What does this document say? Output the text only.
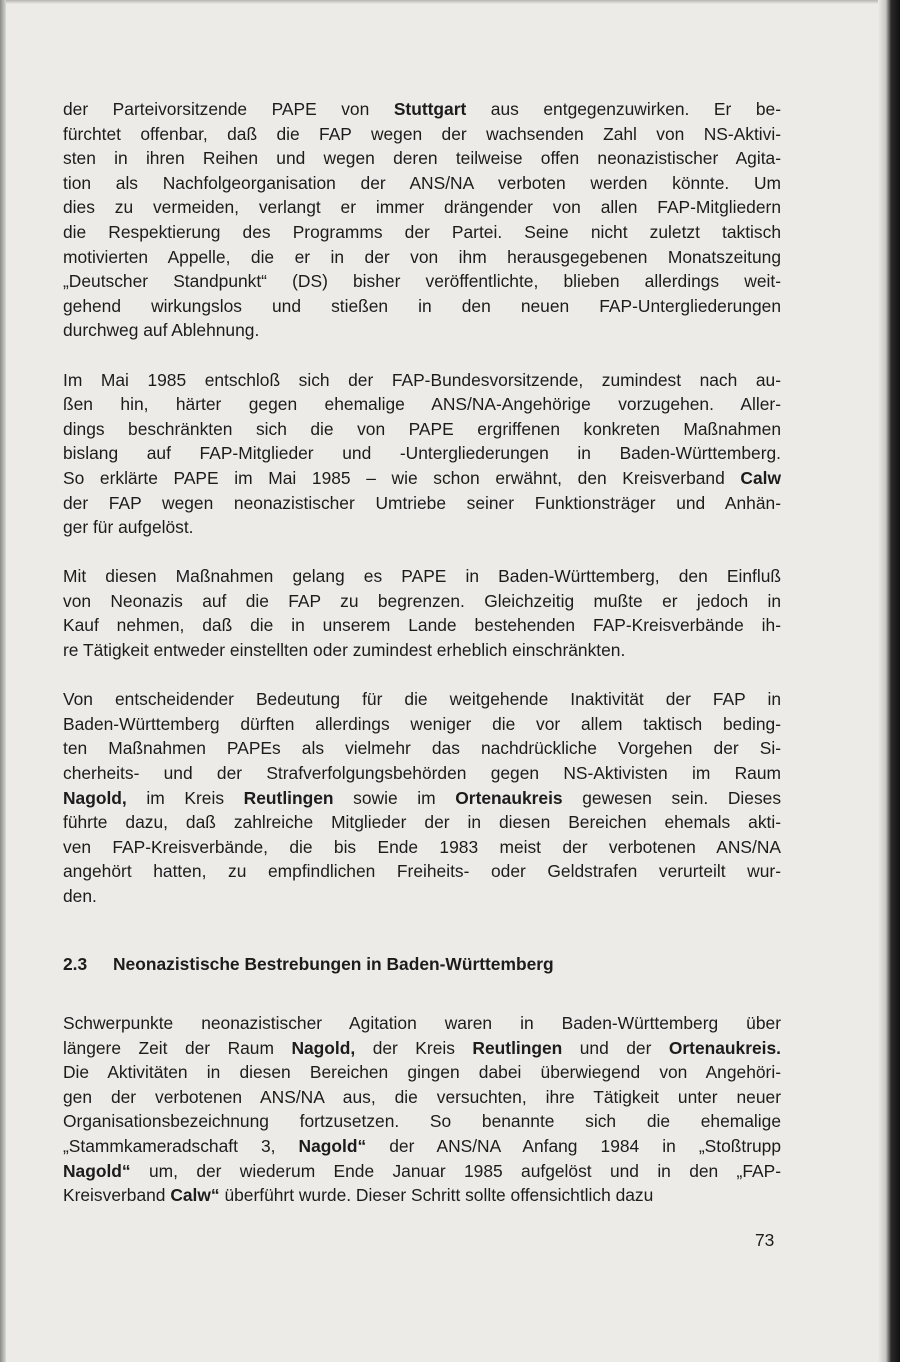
der Parteivorsitzende PAPE von Stuttgart aus entgegenzuwirken. Er be-
fürchtet offenbar, daß die FAP wegen der wachsenden Zahl von NS-Aktivi-
sten in ihren Reihen und wegen deren teilweise offen neonazistischer Agita-
tion als Nachfolgeorganisation der ANS/NA verboten werden könnte. Um
dies zu vermeiden, verlangt er immer drängender von allen FAP-Mitgliedern
die Respektierung des Programms der Partei. Seine nicht zuletzt taktisch
motivierten Appelle, die er in der von ihm herausgegebenen Monatszeitung
„Deutscher Standpunkt“ (DS) bisher veröffentlichte, blieben allerdings weit-
gehend wirkungslos und stießen in den neuen FAP-Untergliederungen
durchweg auf Ablehnung.

Im Mai 1985 entschloß sich der FAP-Bundesvorsitzende, zumindest nach au-
ßen hin, härter gegen ehemalige ANS/NA-Angehörige vorzugehen. Aller-
dings beschränkten sich die von PAPE ergriffenen konkreten Maßnahmen
bislang auf FAP-Mitglieder und -Untergliederungen in Baden-Württemberg.
So erklärte PAPE im Mai 1985 – wie schon erwähnt, den Kreisverband Calw
der FAP wegen neonazistischer Umtriebe seiner Funktionsträger und Anhän-
ger für aufgelöst.

Mit diesen Maßnahmen gelang es PAPE in Baden-Württemberg, den Einfluß
von Neonazis auf die FAP zu begrenzen. Gleichzeitig mußte er jedoch in
Kauf nehmen, daß die in unserem Lande bestehenden FAP-Kreisverbände ih-
re Tätigkeit entweder einstellten oder zumindest erheblich einschränkten.

Von entscheidender Bedeutung für die weitgehende Inaktivität der FAP in
Baden-Württemberg dürften allerdings weniger die vor allem taktisch beding-
ten Maßnahmen PAPEs als vielmehr das nachdrückliche Vorgehen der Si-
cherheits- und der Strafverfolgungsbehörden gegen NS-Aktivisten im Raum
Nagold, im Kreis Reutlingen sowie im Ortenaukreis gewesen sein. Dieses
führte dazu, daß zahlreiche Mitglieder der in diesen Bereichen ehemals akti-
ven FAP-Kreisverbände, die bis Ende 1983 meist der verbotenen ANS/NA
angehört hatten, zu empfindlichen Freiheits- oder Geldstrafen verurteilt wur-
den.

2.3 Neonazistische Bestrebungen in Baden-Württemberg

Schwerpunkte neonazistischer Agitation waren in Baden-Württemberg über
längere Zeit der Raum Nagold, der Kreis Reutlingen und der Ortenaukreis.
Die Aktivitäten in diesen Bereichen gingen dabei überwiegend von Angehöri-
gen der verbotenen ANS/NA aus, die versuchten, ihre Tätigkeit unter neuer
Organisationsbezeichnung fortzusetzen. So benannte sich die ehemalige
„Stammkameradschaft 3, Nagold“ der ANS/NA Anfang 1984 in „Stoßtrupp
Nagold“ um, der wiederum Ende Januar 1985 aufgelöst und in den „FAP-
Kreisverband Calw“ überführt wurde. Dieser Schritt sollte offensichtlich dazu

73
